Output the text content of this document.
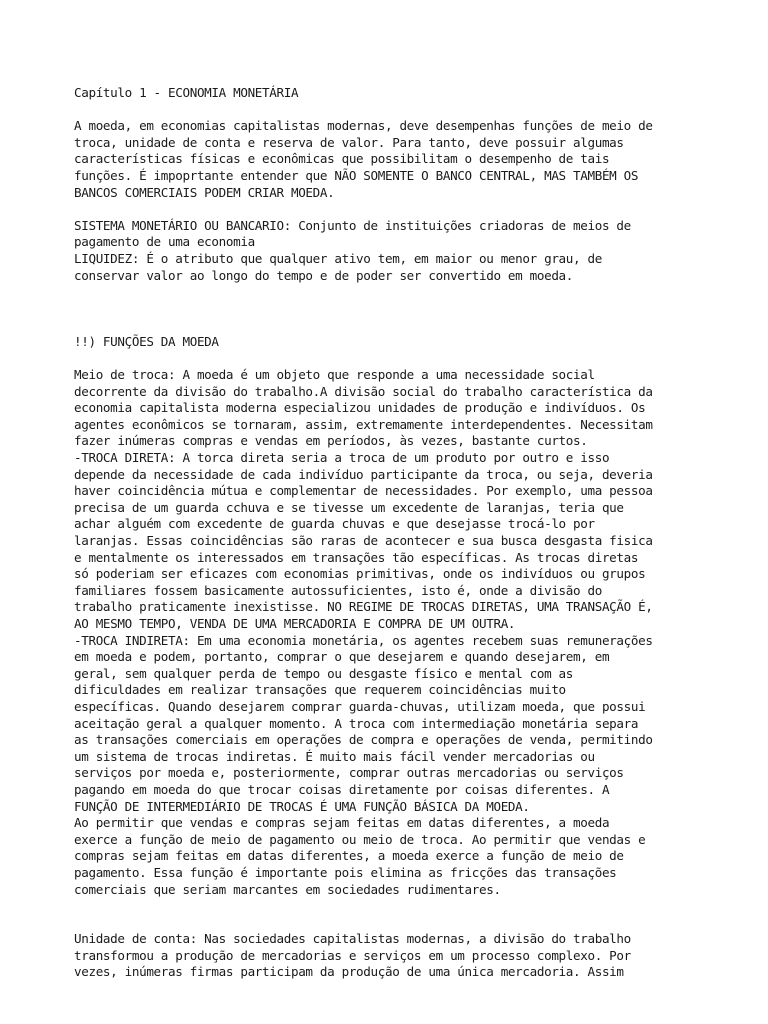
Capítulo 1 - ECONOMIA MONETÁRIA

A moeda, em economias capitalistas modernas, deve desempenhas funções de meio de

troca, unidade de conta e reserva de valor. Para tanto, deve possuir algumas

características físicas e econômicas que possibilitam o desempenho de tais

funções. É impoprtante entender que NÃO SOMENTE O BANCO CENTRAL, MAS TAMBÉM OS

BANCOS COMERCIAIS PODEM CRIAR MOEDA.

SISTEMA MONETÁRIO OU BANCARIO: Conjunto de instituições criadoras de meios de

pagamento de uma economia

LIQUIDEZ: É o atributo que qualquer ativo tem, em maior ou menor grau, de

conservar valor ao longo do tempo e de poder ser convertido em moeda.

!!) FUNÇÕES DA MOEDA

Meio de troca: A moeda é um objeto que responde a uma necessidade social

decorrente da divisão do trabalho.A divisão social do trabalho característica da

economia capitalista moderna especializou unidades de produção e indivíduos. Os

agentes econômicos se tornaram, assim, extremamente interdependentes. Necessitam

fazer inúmeras compras e vendas em períodos, às vezes, bastante curtos.

-TROCA DIRETA: A torca direta seria a troca de um produto por outro e isso

depende da necessidade de cada indivíduo participante da troca, ou seja, deveria

haver coincidência mútua e complementar de necessidades. Por exemplo, uma pessoa

precisa de um guarda cchuva e se tivesse um excedente de laranjas, teria que

achar alguém com excedente de guarda chuvas e que desejasse trocá-lo por

laranjas. Essas coincidências são raras de acontecer e sua busca desgasta fisica

e mentalmente os interessados em transações tão específicas. As trocas diretas

só poderiam ser eficazes com economias primitivas, onde os indivíduos ou grupos

familiares fossem basicamente autossuficientes, isto é, onde a divisão do

trabalho praticamente inexistisse. NO REGIME DE TROCAS DIRETAS, UMA TRANSAÇÃO É,

AO MESMO TEMPO, VENDA DE UMA MERCADORIA E COMPRA DE UM OUTRA.

-TROCA INDIRETA: Em uma economia monetária, os agentes recebem suas remunerações

em moeda e podem, portanto, comprar o que desejarem e quando desejarem, em

geral, sem qualquer perda de tempo ou desgaste físico e mental com as

dificuldades em realizar transações que requerem coincidências muito

específicas. Quando desejarem comprar guarda-chuvas, utilizam moeda, que possui

aceitação geral a qualquer momento. A troca com intermediação monetária separa

as transações comerciais em operações de compra e operações de venda, permitindo

um sistema de trocas indiretas. É muito mais fácil vender mercadorias ou

serviços por moeda e, posteriormente, comprar outras mercadorias ou serviços

pagando em moeda do que trocar coisas diretamente por coisas diferentes. A

FUNÇÃO DE INTERMEDIÁRIO DE TROCAS É UMA FUNÇÃO BÁSICA DA MOEDA.

Ao permitir que vendas e compras sejam feitas em datas diferentes, a moeda

exerce a função de meio de pagamento ou meio de troca. Ao permitir que vendas e

compras sejam feitas em datas diferentes, a moeda exerce a função de meio de

pagamento. Essa função é importante pois elimina as fricções das transações

comerciais que seriam marcantes em sociedades rudimentares.

Unidade de conta: Nas sociedades capitalistas modernas, a divisão do trabalho

transformou a produção de mercadorias e serviços em um processo complexo. Por

vezes, inúmeras firmas participam da produção de uma única mercadoria. Assim
